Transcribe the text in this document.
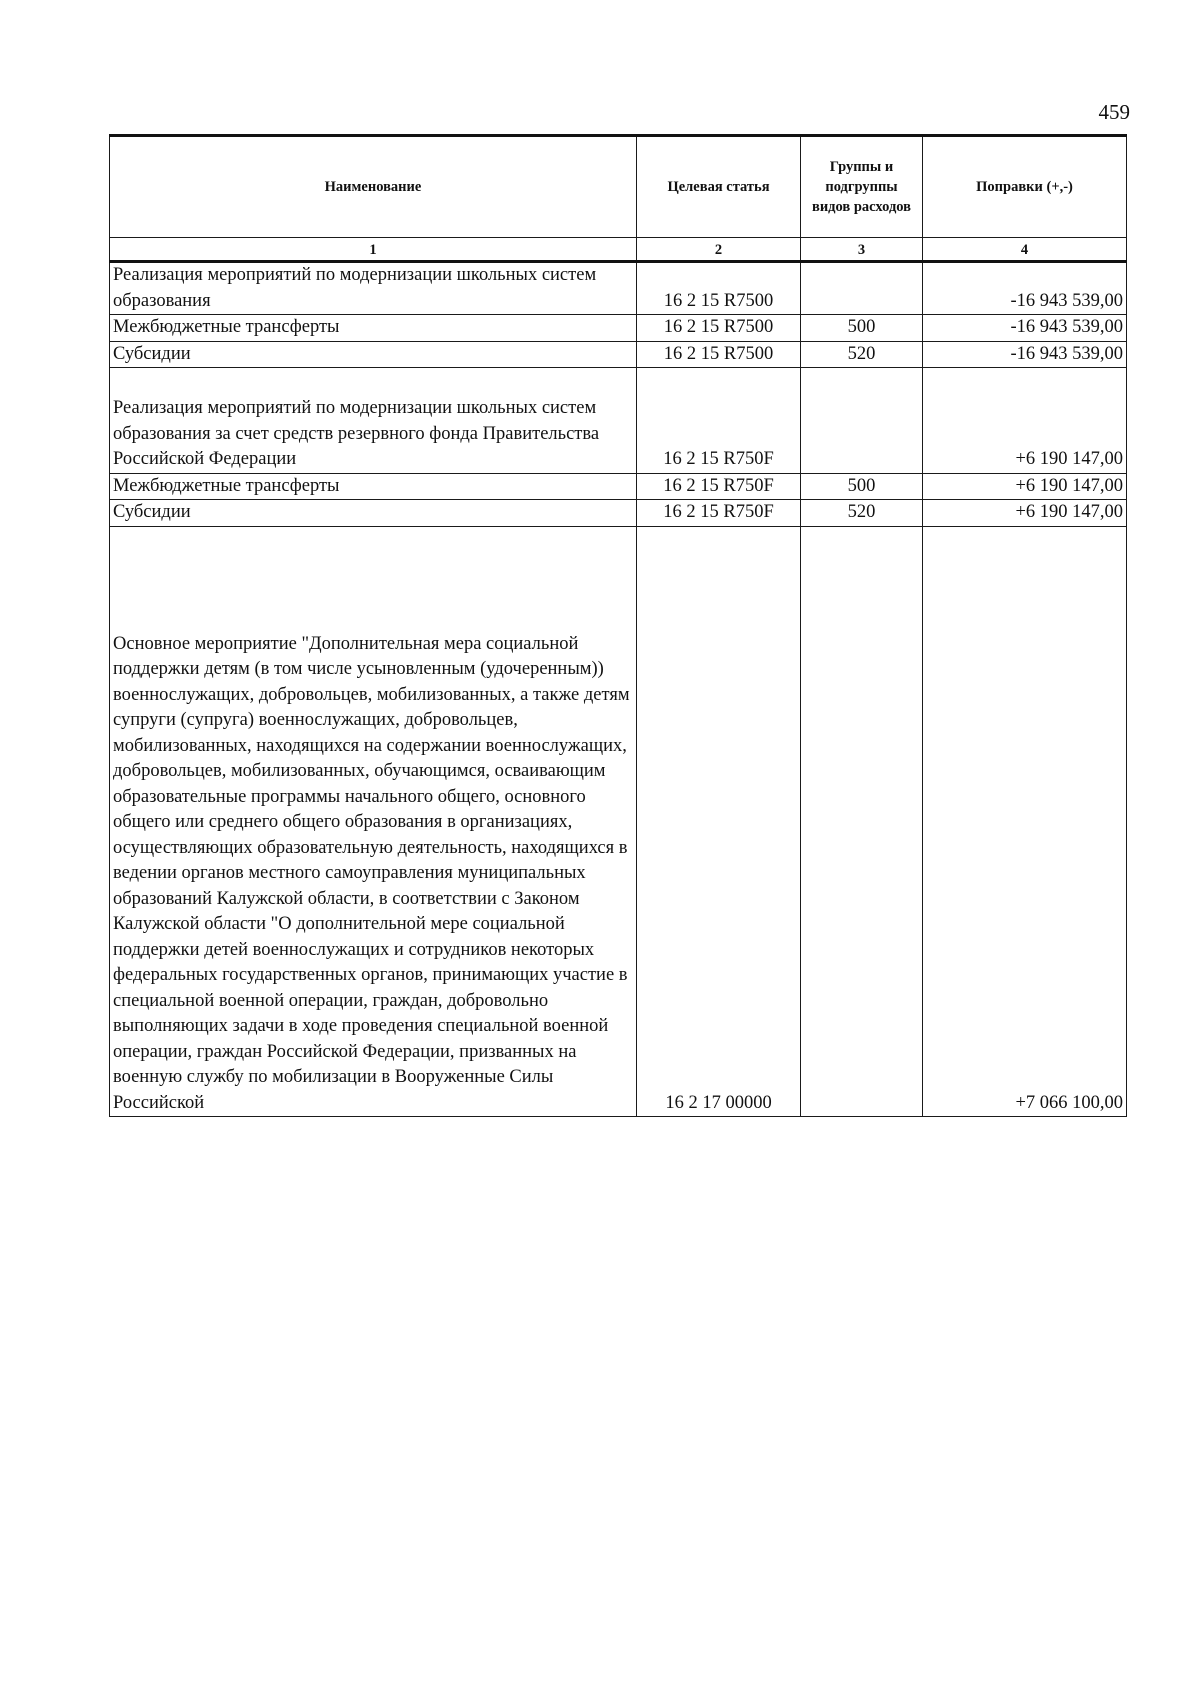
459
Наименование	Целевая статья	Группы и подгруппы видов расходов	Поправки (+,-)
1	2	3	4
Реализация мероприятий по модернизации школьных систем образования	16 2 15 R7500		-16 943 539,00
Межбюджетные трансферты	16 2 15 R7500	500	-16 943 539,00
Субсидии	16 2 15 R7500	520	-16 943 539,00
Реализация мероприятий по модернизации школьных систем образования за счет средств резервного фонда Правительства Российской Федерации	16 2 15 R750F		+6 190 147,00
Межбюджетные трансферты	16 2 15 R750F	500	+6 190 147,00
Субсидии	16 2 15 R750F	520	+6 190 147,00
Основное мероприятие "Дополнительная мера социальной поддержки детям (в том числе усыновленным (удочеренным)) военнослужащих, добровольцев, мобилизованных, а также детям супруги (супруга) военнослужащих, добровольцев, мобилизованных, находящихся на содержании военнослужащих, добровольцев, мобилизованных, обучающимся, осваивающим образовательные программы начального общего, основного общего или среднего общего образования в организациях, осуществляющих образовательную деятельность, находящихся в ведении органов местного самоуправления муниципальных образований Калужской области, в соответствии с Законом Калужской области "О дополнительной мере социальной поддержки детей военнослужащих и сотрудников некоторых федеральных государственных органов, принимающих участие в специальной военной операции, граждан, добровольно выполняющих задачи в ходе проведения специальной военной операции, граждан Российской Федерации, призванных на военную службу по мобилизации в Вооруженные Силы Российской	16 2 17 00000		+7 066 100,00
